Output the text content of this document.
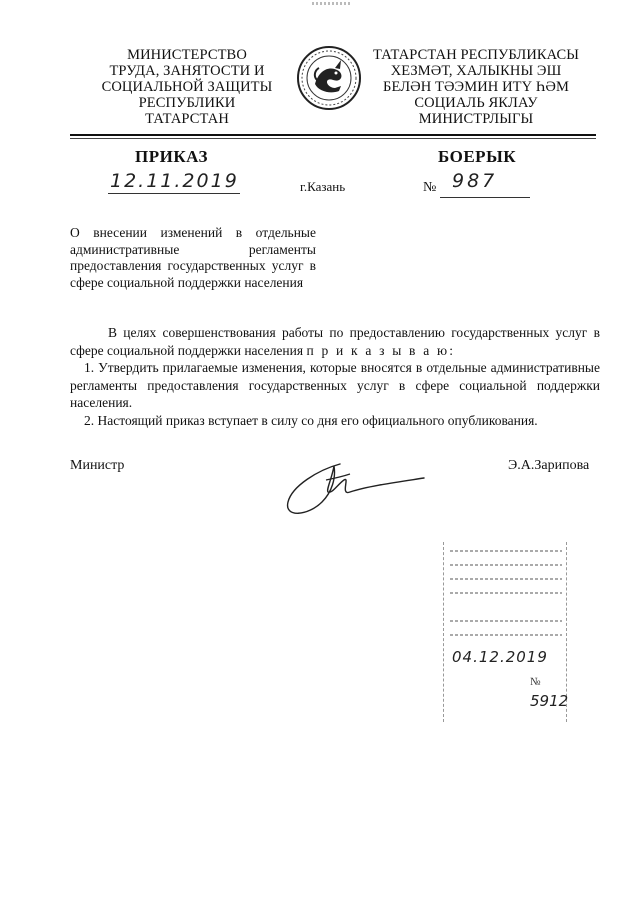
МИНИСТЕРСТВО
ТРУДА, ЗАНЯТОСТИ И
СОЦИАЛЬНОЙ ЗАЩИТЫ
РЕСПУБЛИКИ
ТАТАРСТАН
ТАТАРСТАН РЕСПУБЛИКАСЫ
ХЕЗМӘТ, ХАЛЫКНЫ ЭШ
БЕЛӘН ТӘЭМИН ИТҮ ҺӘМ
СОЦИАЛЬ ЯКЛАУ
МИНИСТРЛЫГЫ
ПРИКАЗ	БОЕРЫК
12.11.2019	г.Казань	№ 987
О внесении изменений в отдельные административные регламенты предоставления государственных услуг в сфере социальной поддержки населения

В целях совершенствования работы по предоставлению государственных услуг в сфере социальной поддержки населения п р и к а з ы в а ю:

1. Утвердить прилагаемые изменения, которые вносятся в отдельные административные регламенты предоставления государственных услуг в сфере социальной поддержки населения.

2. Настоящий приказ вступает в силу со дня его официального опубликования.

Министр	Э.А.Зарипова
04.12.2019
№
5912
